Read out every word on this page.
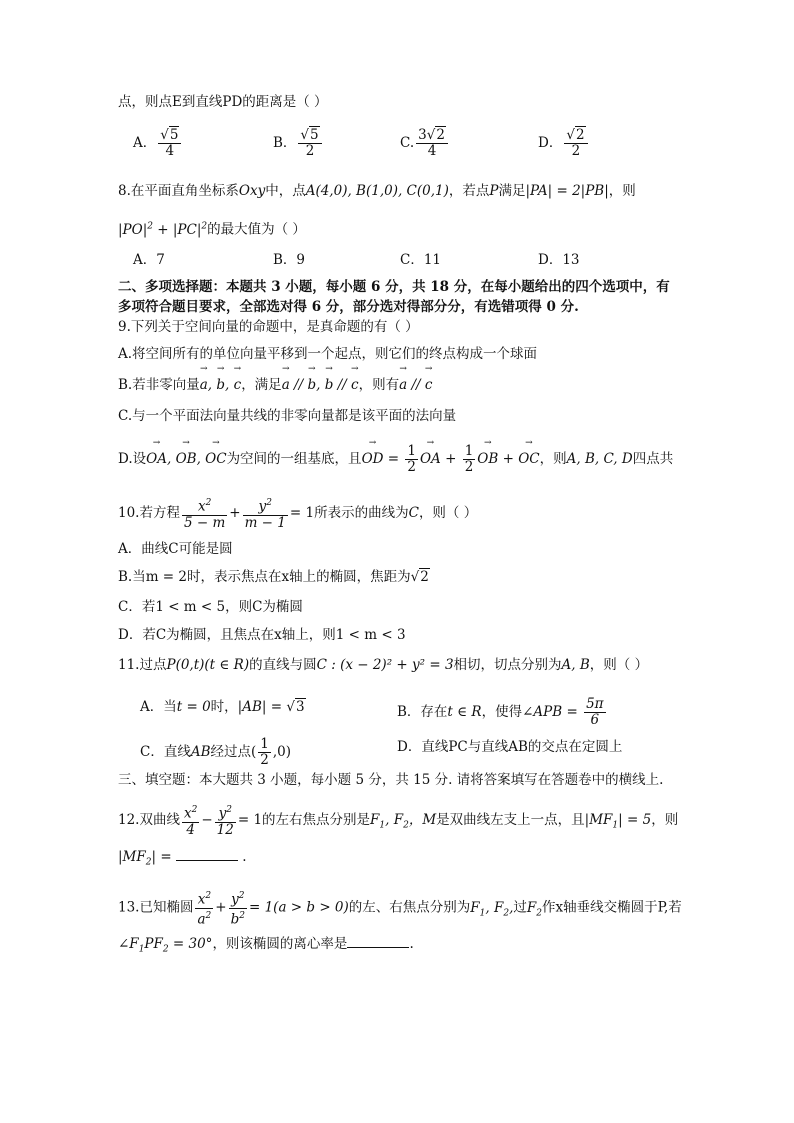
点，则点E到直线PD的距离是（ ）
A． $\frac{√5}{4}$	B． $\frac{√5}{2}$	C. $\frac{3√2}{4}$	D． $\frac{√2}{2}$
8.在平面直角坐标系Oxy中，点A(4,0), B(1,0), C(0,1)，若点P满足|PA| = 2|PB|，则
$|PO|^2 + |PC|^2$的最大值为（ ）
A．7	B．9	C．11	D．13
二、多项选择题：本题共 3 小题，每小题 6 分，共 18 分，在每小题给出的四个选项中，有
多项符合题目要求，全部选对得 6 分，部分选对得部分分，有选错项得 0 分.
9.下列关于空间向量的命题中，是真命题的有（ ）
A.将空间所有的单位向量平移到一个起点，则它们的终点构成一个球面
B.若非零向量→ a, → b, → c，满足→ a // → b, → b // → c，则有→ a // → c
C.与一个平面法向量共线的非零向量都是该平面的法向量
D.设→ OA, → OB, → OC为空间的一组基底，且→ OD = $\frac{1}{2}$ → OA + $\frac{1}{2}$ → OB + → OC，则A, B, C, D四点共
10.若方程 $\frac{x^2}{5 - m} + \frac{y^2}{m - 1} = 1$所表示的曲线为C，则（ ）
A．曲线C可能是圆
B.当m = 2时，表示焦点在x轴上的椭圆，焦距为√2
C．若1 < m < 5，则C为椭圆
D．若C为椭圆，且焦点在x轴上，则1 < m < 3
11.过点P(0,t)(t ∈ R)的直线与圆C : (x − 2)² + y² = 3相切，切点分别为A, B，则（ ）
A．当t = 0时，|AB| = √3	B．存在t ∈ R，使得∠APB = $\frac{5\pi}{6}$
C．直线AB经过点( $\frac{1}{2} ,0$)	D．直线PC与直线AB的交点在定圆上
三、填空题：本大题共 3 小题，每小题 5 分，共 15 分. 请将答案填写在答题卷中的横线上.
12.双曲线 $\frac{x^2}{4} - \frac{y^2}{12} = 1$的左右焦点分别是$F_1$, $F_2$，M是双曲线左支上一点，且$|MF_1| = 5$，则
$|MF_2|$ =	.
13.已知椭圆 $\frac{x^2}{a^2} + \frac{y^2}{b^2} = 1(a > b > 0)$的左、右焦点分别为$F_1$, $F_2$,过$F_2$作x轴垂线交椭圆于P,若
$\angle F_1PF_2 = 30^\circ$，则该椭圆的离心率是	.
